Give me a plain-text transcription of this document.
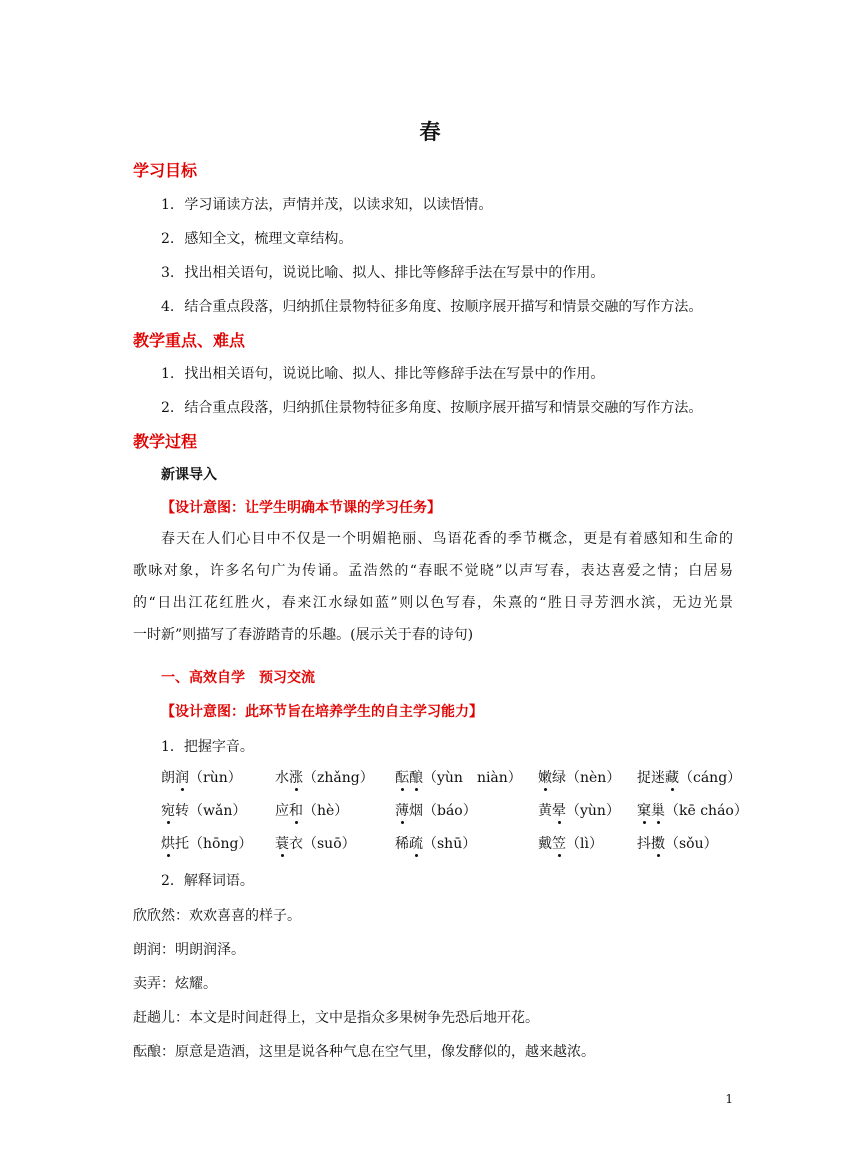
春
学习目标
1. 学习诵读方法，声情并茂，以读求知，以读悟情。
2. 感知全文，梳理文章结构。
3. 找出相关语句，说说比喻、拟人、排比等修辞手法在写景中的作用。
4. 结合重点段落，归纳抓住景物特征多角度、按顺序展开描写和情景交融的写作方法。
教学重点、难点
1. 找出相关语句，说说比喻、拟人、排比等修辞手法在写景中的作用。
2. 结合重点段落，归纳抓住景物特征多角度、按顺序展开描写和情景交融的写作方法。
教学过程
新课导入
【设计意图：让学生明确本节课的学习任务】
春天在人们心目中不仅是一个明媚艳丽、鸟语花香的季节概念，更是有着感知和生命的
歌咏对象，许多名句广为传诵。孟浩然的“春眠不觉晓”以声写春，表达喜爱之情；白居易
的“日出江花红胜火，春来江水绿如蓝”则以色写春，朱熹的“胜日寻芳泗水滨，无边光景
一时新”则描写了春游踏青的乐趣。(展示关于春的诗句)
一、高效自学　预习交流
【设计意图：此环节旨在培养学生的自主学习能力】
1．把握字音。
朗润（rùn） 水涨（zhǎng） 酝酿（yùn　niàn） 嫩绿（nèn） 捉迷藏（cáng）
宛转（wǎn） 应和（hè）	薄烟（báo）	黄晕（yùn） 窠巢（kē cháo）
烘托（hōng） 蓑衣（suō）	稀疏（shū）	戴笠（lì） 抖擞（sǒu）
2．解释词语。
欣欣然：欢欢喜喜的样子。
朗润：明朗润泽。
卖弄：炫耀。
赶趟儿：本文是时间赶得上，文中是指众多果树争先恐后地开花。
酝酿：原意是造酒，这里是说各种气息在空气里，像发酵似的，越来越浓。
1
